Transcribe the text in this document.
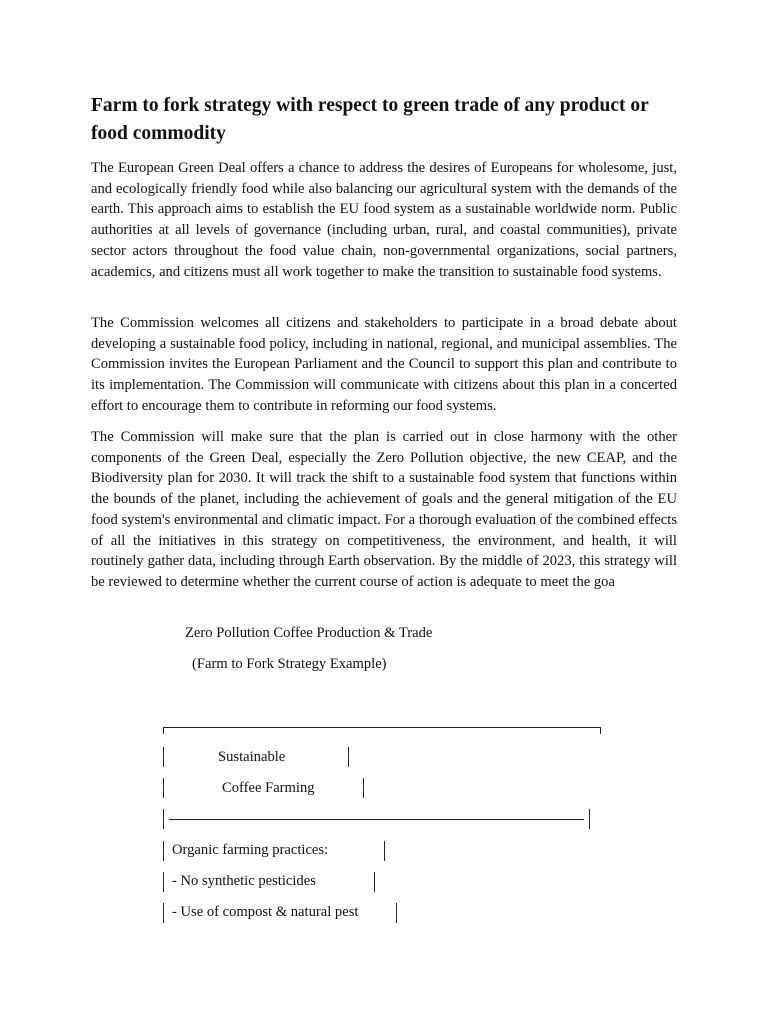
Farm to fork strategy with respect to green trade of any product or food commodity

The European Green Deal offers a chance to address the desires of Europeans for wholesome, just, and ecologically friendly food while also balancing our agricultural system with the demands of the earth. This approach aims to establish the EU food system as a sustainable worldwide norm. Public authorities at all levels of governance (including urban, rural, and coastal communities), private sector actors throughout the food value chain, non-governmental organizations, social partners, academics, and citizens must all work together to make the transition to sustainable food systems.

The Commission welcomes all citizens and stakeholders to participate in a broad debate about developing a sustainable food policy, including in national, regional, and municipal assemblies. The Commission invites the European Parliament and the Council to support this plan and contribute to its implementation. The Commission will communicate with citizens about this plan in a concerted effort to encourage them to contribute in reforming our food systems.

The Commission will make sure that the plan is carried out in close harmony with the other components of the Green Deal, especially the Zero Pollution objective, the new CEAP, and the Biodiversity plan for 2030. It will track the shift to a sustainable food system that functions within the bounds of the planet, including the achievement of goals and the general mitigation of the EU food system's environmental and climatic impact. For a thorough evaluation of the combined effects of all the initiatives in this strategy on competitiveness, the environment, and health, it will routinely gather data, including through Earth observation. By the middle of 2023, this strategy will be reviewed to determine whether the current course of action is adequate to meet the goa

Zero Pollution Coffee Production & Trade
(Farm to Fork Strategy Example)
Sustainable
Coffee Farming
Organic farming practices:
- No synthetic pesticides
- Use of compost & natural pest
